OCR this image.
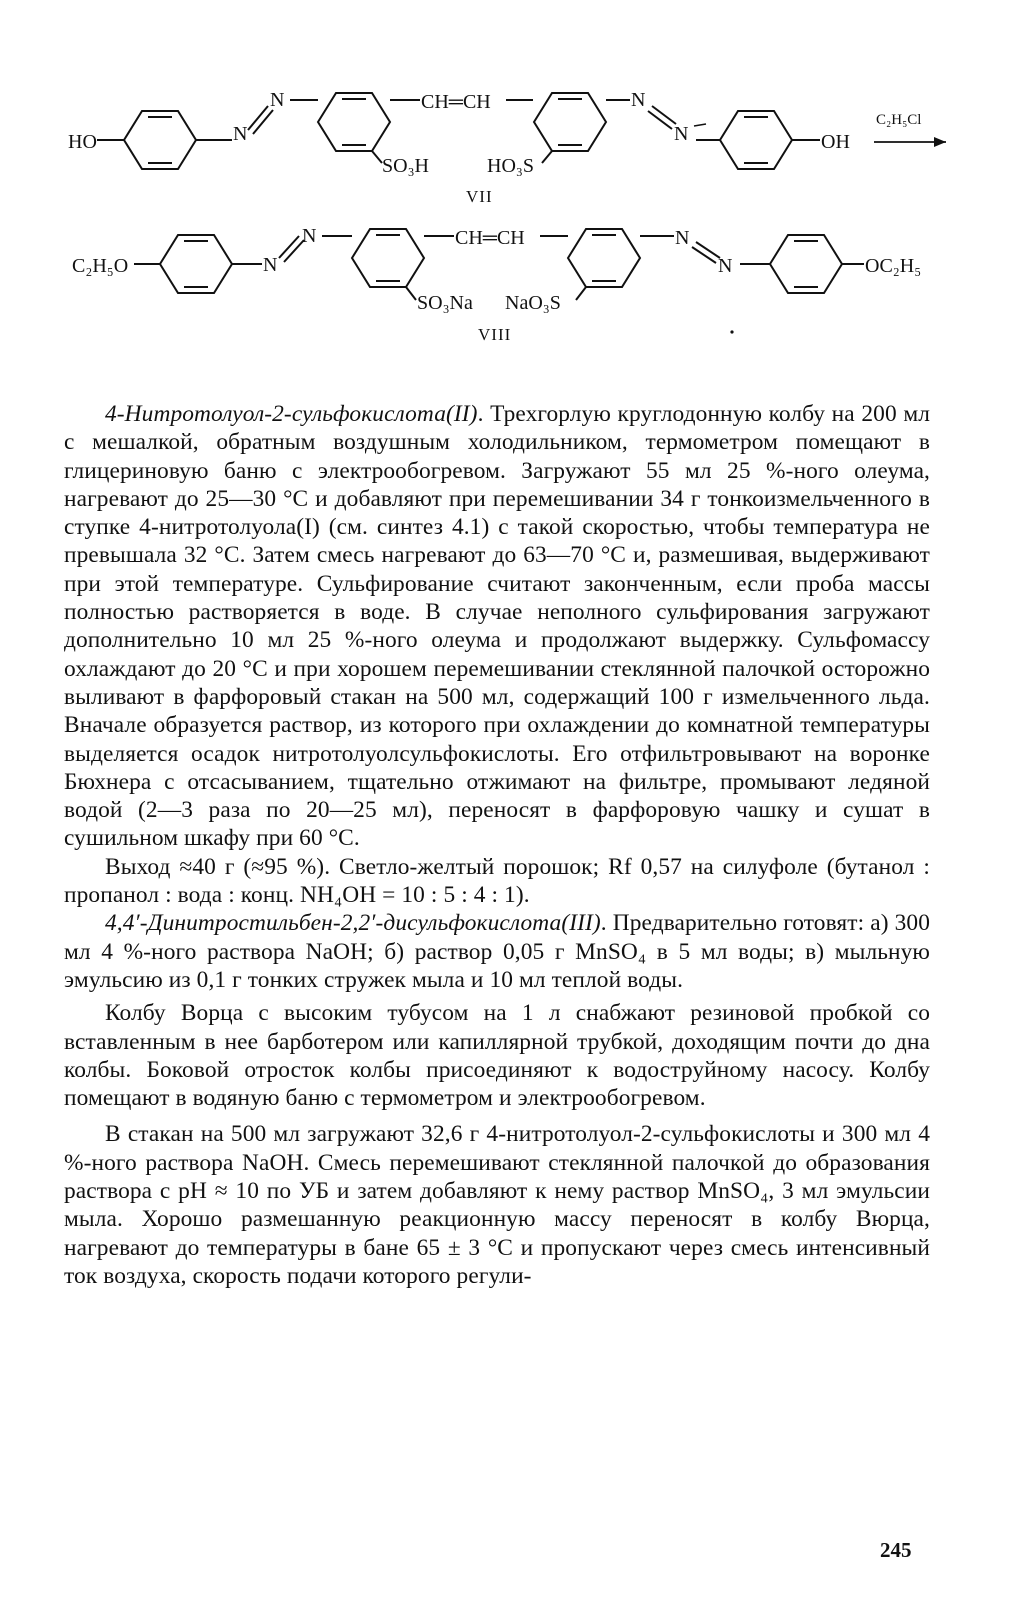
HO	N
N	CH═CH	N
N	OH
SO₃H	HO₃S
VII
C₂H₅Cl
C₂H₅O	N
N	CH═CH	N
N	OC₂H₅
SO₃Na NaO₃S
VIII

4-Нитротолуол-2-сульфокислота(II). Трехгорлую круглодонную колбу на 200 мл с мешалкой, обратным воздушным холодильником, термометром помещают в глицериновую баню с электрообогревом. Загружают 55 мл 25 %-ного олеума, нагревают до 25—30 °С и добавляют при перемешивании 34 г тонкоизмельченного в ступке 4-нитротолуола(I) (см. синтез 4.1) с такой скоростью, чтобы температура не превышала 32 °С. Затем смесь нагревают до 63—70 °С и, размешивая, выдерживают при этой температуре. Сульфирование считают законченным, если проба массы полностью растворяется в воде. В случае неполного сульфирования загружают дополнительно 10 мл 25 %-ного олеума и продолжают выдержку. Сульфомассу охлаждают до 20 °С и при хорошем перемешивании стеклянной палочкой осторожно выливают в фарфоровый стакан на 500 мл, содержащий 100 г измельченного льда. Вначале образуется раствор, из которого при охлаждении до комнатной температуры выделяется осадок нитротолуолсульфокислоты. Его отфильтровывают на воронке Бюхнера с отсасыванием, тщательно отжимают на фильтре, промывают ледяной водой (2—3 раза по 20—25 мл), переносят в фарфоровую чашку и сушат в сушильном шкафу при 60 °С.

Выход ≈40 г (≈95 %). Светло-желтый порошок; Rf 0,57 на силуфоле (бутанол : пропанол : вода : конц. NH₄OH = 10 : 5 : 4 : 1).

4,4′-Динитростильбен-2,2′-дисульфокислота(III). Предварительно готовят: а) 300 мл 4 %-ного раствора NaOH; б) раствор 0,05 г MnSO₄ в 5 мл воды; в) мыльную эмульсию из 0,1 г тонких стружек мыла и 10 мл теплой воды.

Колбу Ворца с высоким тубусом на 1 л снабжают резиновой пробкой со вставленным в нее барботером или капиллярной трубкой, доходящим почти до дна колбы. Боковой отросток колбы присоединяют к водоструйному насосу. Колбу помещают в водяную баню с термометром и электрообогревом.

В стакан на 500 мл загружают 32,6 г 4-нитротолуол-2-сульфокислоты и 300 мл 4 %-ного раствора NaOH. Смесь перемешивают стеклянной палочкой до образования раствора с pH ≈ 10 по УБ и затем добавляют к нему раствор MnSO₄, 3 мл эмульсии мыла. Хорошо размешанную реакционную массу переносят в колбу Вюрца, нагревают до температуры в бане 65 ± 3 °С и пропускают через смесь интенсивный ток воздуха, скорость подачи которого регули-

245
